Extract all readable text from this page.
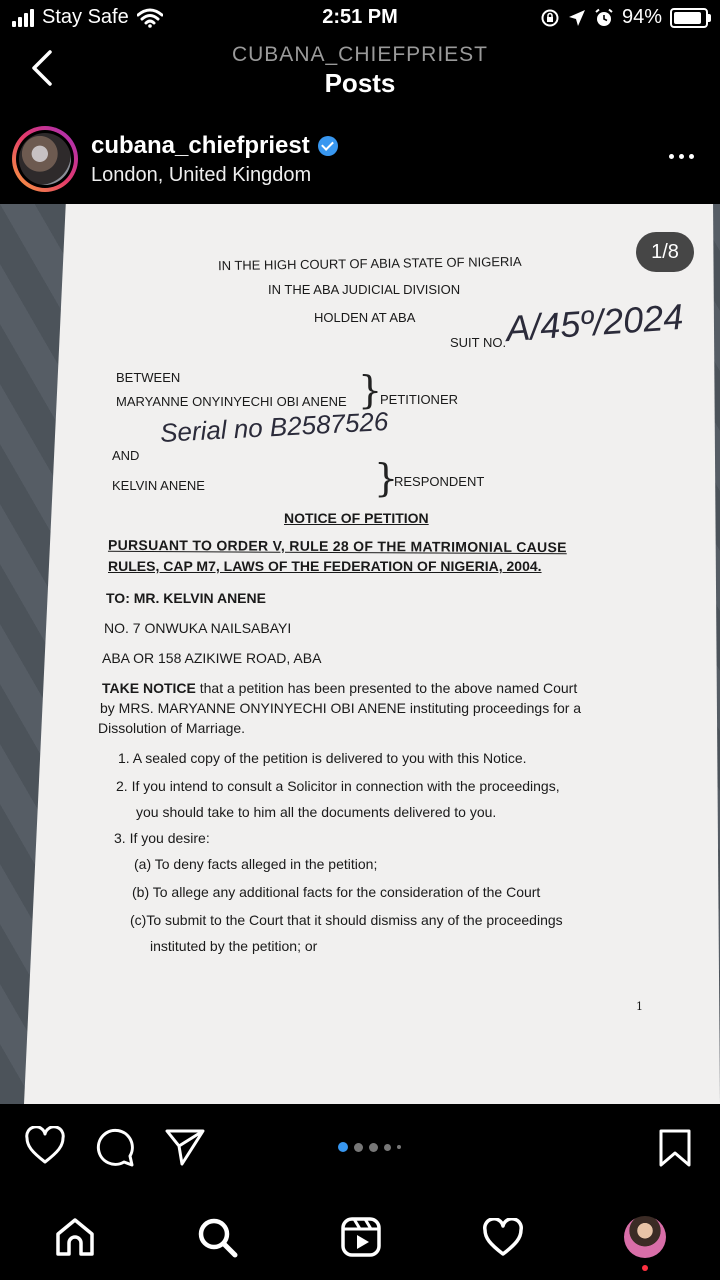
Stay Safe	2:51 PM	94%
CUBANA_CHIEFPRIEST
Posts
cubana_chiefpriest
London, United Kingdom
IN THE HIGH COURT OF ABIA STATE OF NIGERIA
IN THE ABA JUDICIAL DIVISION
HOLDEN AT ABA
SUIT NO.
A/45º/2024
BETWEEN
MARYANNE ONYINYECHI OBI ANENE }
PETITIONER
Serial no B2587526
AND
KELVIN ANENE	}
RESPONDENT
NOTICE OF PETITION
PURSUANT TO ORDER V, RULE 28 OF THE MATRIMONIAL CAUSE
RULES, CAP M7, LAWS OF THE FEDERATION OF NIGERIA, 2004.
TO: MR. KELVIN ANENE
NO. 7 ONWUKA NAILSABAYI
ABA OR 158 AZIKIWE ROAD, ABA
TAKE NOTICE that a petition has been presented to the above named Court
by MRS. MARYANNE ONYINYECHI OBI ANENE instituting proceedings for a
Dissolution of Marriage.
1. A sealed copy of the petition is delivered to you with this Notice.
2. If you intend to consult a Solicitor in connection with the proceedings,
you should take to him all the documents delivered to you.
3. If you desire:
(a) To deny facts alleged in the petition;
(b) To allege any additional facts for the consideration of the Court
(c)To submit to the Court that it should dismiss any of the proceedings
instituted by the petition; or
1
1/8
